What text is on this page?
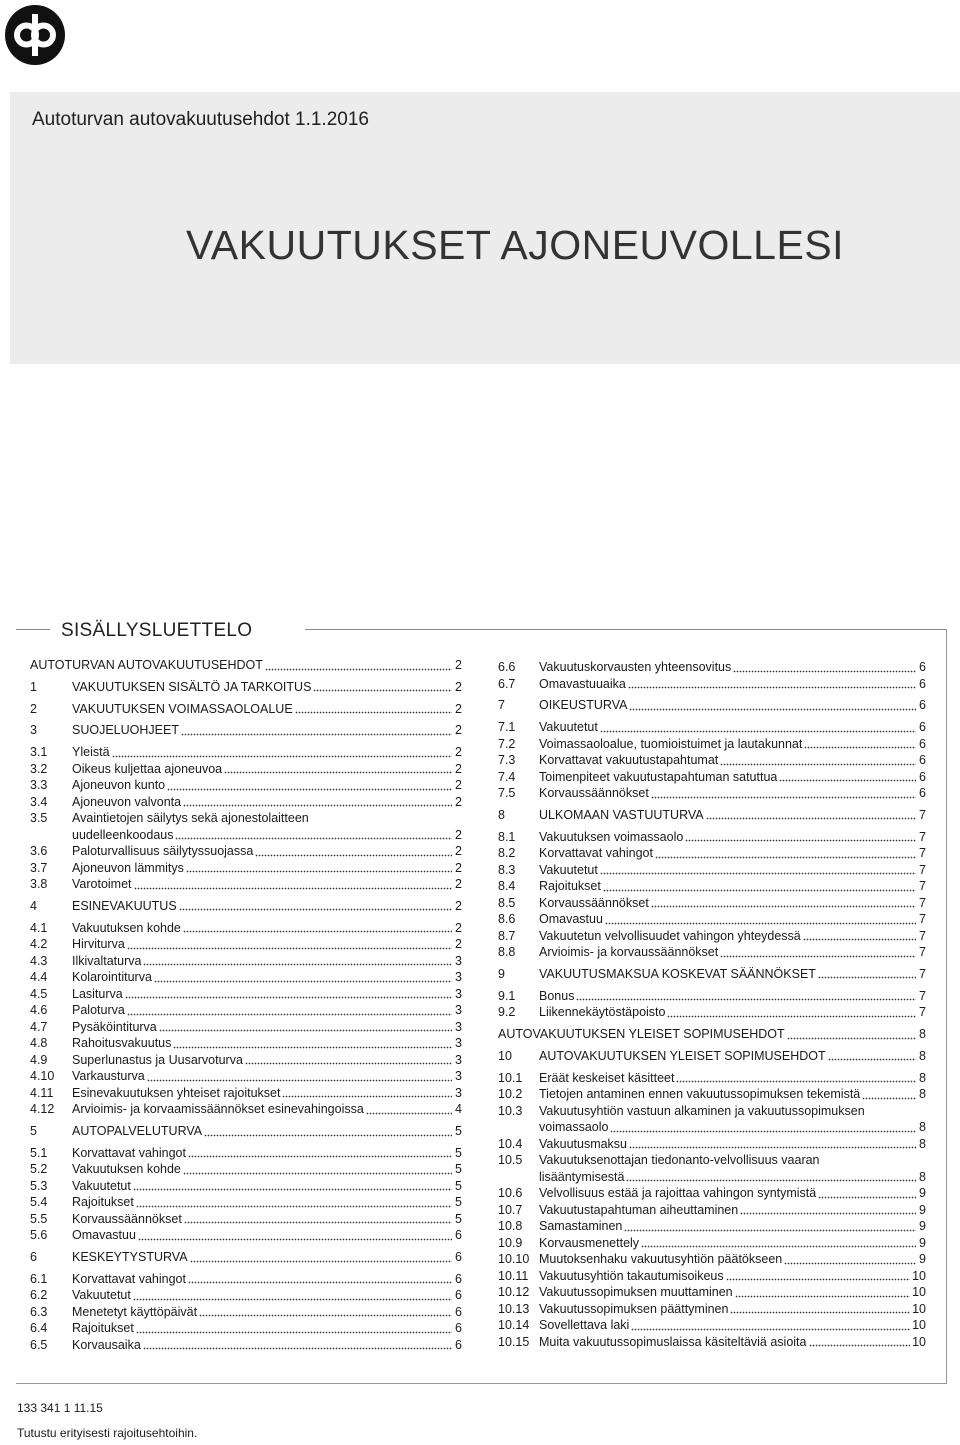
Autoturvan autovakuutusehdot 1.1.2016
VAKUUTUKSET AJONEUVOLLESI
SISÄLLYSLUETTELO
AUTOTURVAN AUTOVAKUUTUSEHDOT	2
1	VAKUUTUKSEN SISÄLTÖ JA TARKOITUS	2
2	VAKUUTUKSEN VOIMASSAOLOALUE	2
3	SUOJELUOHJEET	2
3.1	Yleistä	2
3.2	Oikeus kuljettaa ajoneuvoa	2
3.3	Ajoneuvon kunto	2
3.4	Ajoneuvon valvonta	2
3.5	Avaintietojen säilytys sekä ajonestolaitteen
uudelleenkoodaus	2
3.6	Paloturvallisuus säilytyssuojassa	2
3.7	Ajoneuvon lämmitys	2
3.8	Varotoimet	2
4	ESINEVAKUUTUS	2
4.1	Vakuutuksen kohde	2
4.2	Hirviturva	2
4.3	Ilkivaltaturva	3
4.4	Kolarointiturva	3
4.5	Lasiturva	3
4.6	Paloturva	3
4.7	Pysäköintiturva	3
4.8	Rahoitusvakuutus	3
4.9	Superlunastus ja Uusarvoturva	3
4.10	Varkausturva	3
4.11	Esinevakuutuksen yhteiset rajoitukset	3
4.12	Arvioimis- ja korvaamissäännökset esinevahingoissa	4
5	AUTOPALVELUTURVA	5
5.1	Korvattavat vahingot	5
5.2	Vakuutuksen kohde	5
5.3	Vakuutetut	5
5.4	Rajoitukset	5
5.5	Korvaussäännökset	5
5.6	Omavastuu	6
6	KESKEYTYSTURVA	6
6.1	Korvattavat vahingot	6
6.2	Vakuutetut	6
6.3	Menetetyt käyttöpäivät	6
6.4	Rajoitukset	6
6.5	Korvausaika	6
6.6	Vakuutuskorvausten yhteensovitus	6
6.7	Omavastuuaika	6
7	OIKEUSTURVA	6
7.1	Vakuutetut	6
7.2	Voimassaoloalue, tuomioistuimet ja lautakunnat	6
7.3	Korvattavat vakuutustapahtumat	6
7.4	Toimenpiteet vakuutustapahtuman satuttua	6
7.5	Korvaussäännökset	6
8	ULKOMAAN VASTUUTURVA	7
8.1	Vakuutuksen voimassaolo	7
8.2	Korvattavat vahingot	7
8.3	Vakuutetut	7
8.4	Rajoitukset	7
8.5	Korvaussäännökset	7
8.6	Omavastuu	7
8.7	Vakuutetun velvollisuudet vahingon yhteydessä	7
8.8	Arvioimis- ja korvaussäännökset	7
9	VAKUUTUSMAKSUA KOSKEVAT SÄÄNNÖKSET	7
9.1	Bonus	7
9.2	Liikennekäytöstäpoisto	7
AUTOVAKUUTUKSEN YLEISET SOPIMUSEHDOT	8
10	AUTOVAKUUTUKSEN YLEISET SOPIMUSEHDOT	8
10.1	Eräät keskeiset käsitteet	8
10.2	Tietojen antaminen ennen vakuutussopimuksen tekemistä	8
10.3	Vakuutusyhtiön vastuun alkaminen ja vakuutussopimuksen
voimassaolo	8
10.4	Vakuutusmaksu	8
10.5	Vakuutuksenottajan tiedonanto-velvollisuus vaaran
lisääntymisestä	8
10.6	Velvollisuus estää ja rajoittaa vahingon syntymistä	9
10.7	Vakuutustapahtuman aiheuttaminen	9
10.8	Samastaminen	9
10.9	Korvausmenettely	9
10.10 Muutoksenhaku vakuutusyhtiön päätökseen	9
10.11 Vakuutusyhtiön takautumisoikeus	10
10.12 Vakuutussopimuksen muuttaminen	10
10.13 Vakuutussopimuksen päättyminen	10
10.14 Sovellettava laki	10
10.15 Muita vakuutussopimuslaissa käsiteltäviä asioita	10
133 341 1 11.15
Tutustu erityisesti rajoitusehtoihin.
